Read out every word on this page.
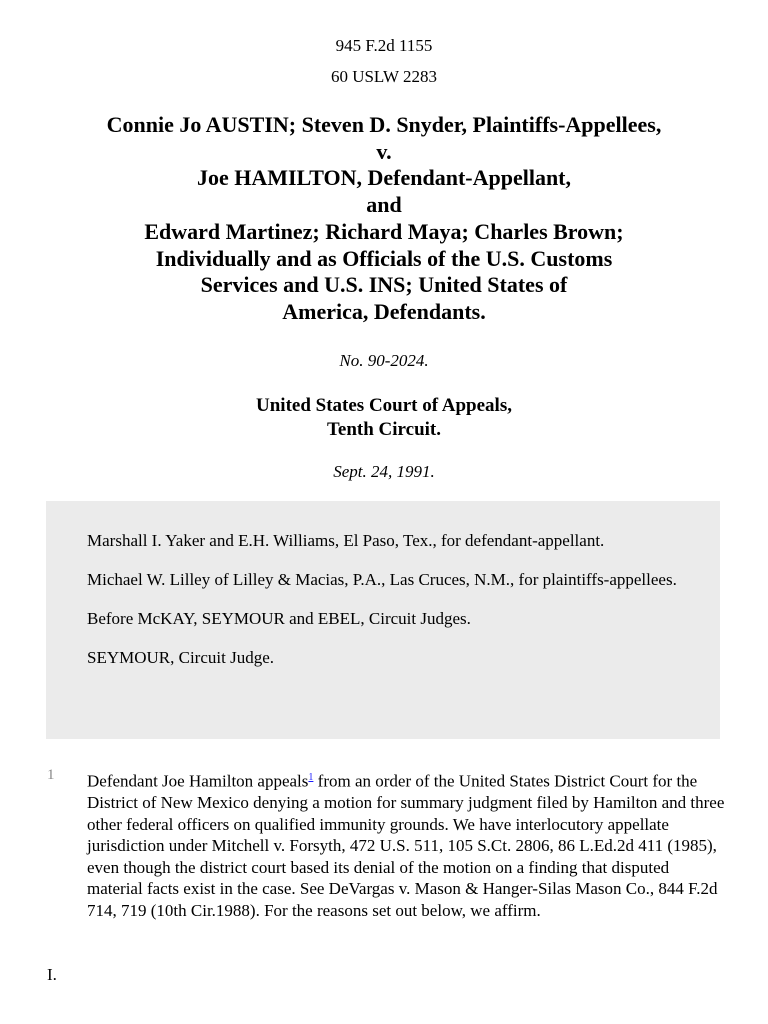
945 F.2d 1155
60 USLW 2283
Connie Jo AUSTIN; Steven D. Snyder, Plaintiffs-Appellees,
v.
Joe HAMILTON, Defendant-Appellant,
and
Edward Martinez; Richard Maya; Charles Brown;
Individually and as Officials of the U.S. Customs
Services and U.S. INS; United States of
America, Defendants.
No. 90-2024.
United States Court of Appeals,
Tenth Circuit.
Sept. 24, 1991.

Marshall I. Yaker and E.H. Williams, El Paso, Tex., for defendant-appellant.

Michael W. Lilley of Lilley & Macias, P.A., Las Cruces, N.M., for plaintiffs-appellees.

Before McKAY, SEYMOUR and EBEL, Circuit Judges.

SEYMOUR, Circuit Judge.

1 Defendant Joe Hamilton appeals$^1$ from an order of the United States District Court for the District of New Mexico denying a motion for summary judgment filed by Hamilton and three other federal officers on qualified immunity grounds. We have interlocutory appellate jurisdiction under Mitchell v. Forsyth, 472 U.S. 511, 105 S.Ct. 2806, 86 L.Ed.2d 411 (1985), even though the district court based its denial of the motion on a finding that disputed material facts exist in the case. See DeVargas v. Mason & Hanger-Silas Mason Co., 844 F.2d 714, 719 (10th Cir.1988). For the reasons set out below, we affirm.
I.
